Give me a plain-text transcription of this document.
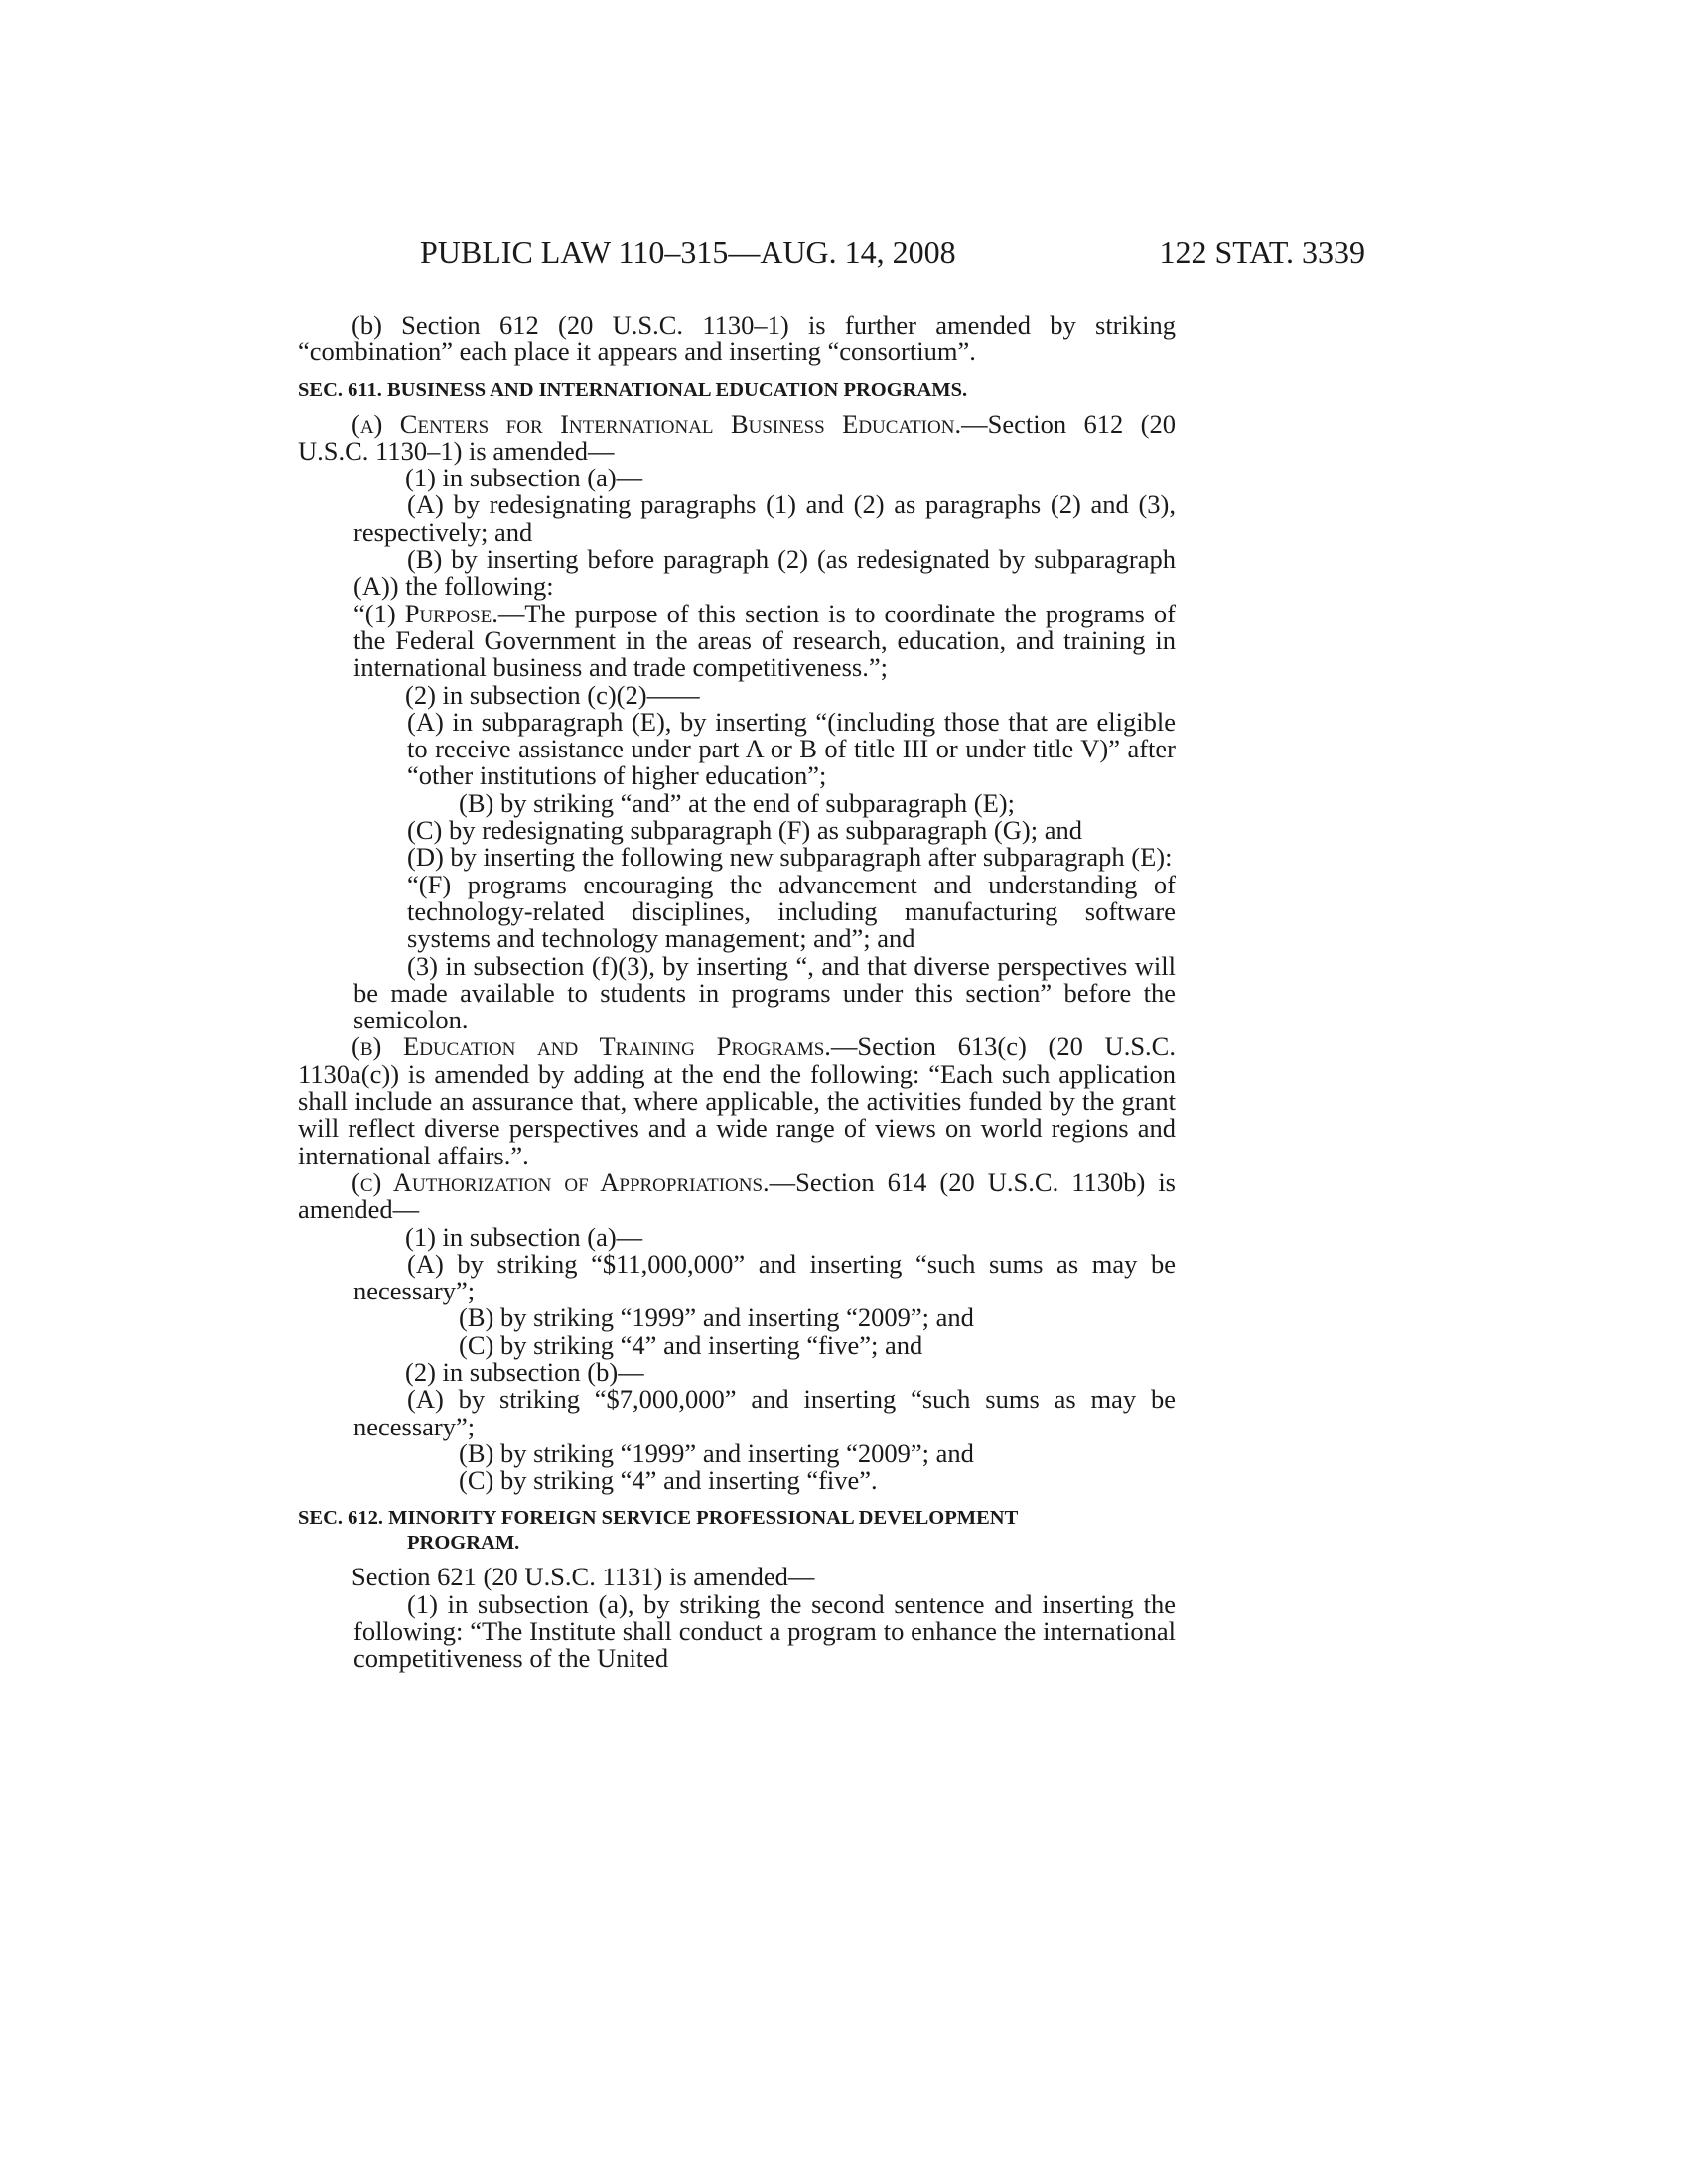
PUBLIC LAW 110–315—AUG. 14, 2008	122 STAT. 3339

(b) Section 612 (20 U.S.C. 1130–1) is further amended by striking “combination” each place it appears and inserting “consortium”.

SEC. 611. BUSINESS AND INTERNATIONAL EDUCATION PROGRAMS.

(a) Centers for International Business Education.—Section 612 (20 U.S.C. 1130–1) is amended—

(1) in subsection (a)—

(A) by redesignating paragraphs (1) and (2) as paragraphs (2) and (3), respectively; and

(B) by inserting before paragraph (2) (as redesignated by subparagraph (A)) the following:

“(1) Purpose.—The purpose of this section is to coordinate the programs of the Federal Government in the areas of research, education, and training in international business and trade competitiveness.”;

(2) in subsection (c)(2)——

(A) in subparagraph (E), by inserting “(including those that are eligible to receive assistance under part A or B of title III or under title V)” after “other institutions of higher education”;

(B) by striking “and” at the end of subparagraph (E);

(C) by redesignating subparagraph (F) as subparagraph (G); and

(D) by inserting the following new subparagraph after subparagraph (E):

“(F) programs encouraging the advancement and understanding of technology-related disciplines, including manufacturing software systems and technology management; and”; and

(3) in subsection (f)(3), by inserting “, and that diverse perspectives will be made available to students in programs under this section” before the semicolon.

(b) Education and Training Programs.—Section 613(c) (20 U.S.C. 1130a(c)) is amended by adding at the end the following: “Each such application shall include an assurance that, where applicable, the activities funded by the grant will reflect diverse perspectives and a wide range of views on world regions and international affairs.”.

(c) Authorization of Appropriations.—Section 614 (20 U.S.C. 1130b) is amended—

(1) in subsection (a)—

(A) by striking “$11,000,000” and inserting “such sums as may be necessary”;

(B) by striking “1999” and inserting “2009”; and

(C) by striking “4” and inserting “five”; and

(2) in subsection (b)—

(A) by striking “$7,000,000” and inserting “such sums as may be necessary”;

(B) by striking “1999” and inserting “2009”; and

(C) by striking “4” and inserting “five”.

SEC. 612. MINORITY FOREIGN SERVICE PROFESSIONAL DEVELOPMENT
PROGRAM.

Section 621 (20 U.S.C. 1131) is amended—

(1) in subsection (a), by striking the second sentence and inserting the following: “The Institute shall conduct a program to enhance the international competitiveness of the United
